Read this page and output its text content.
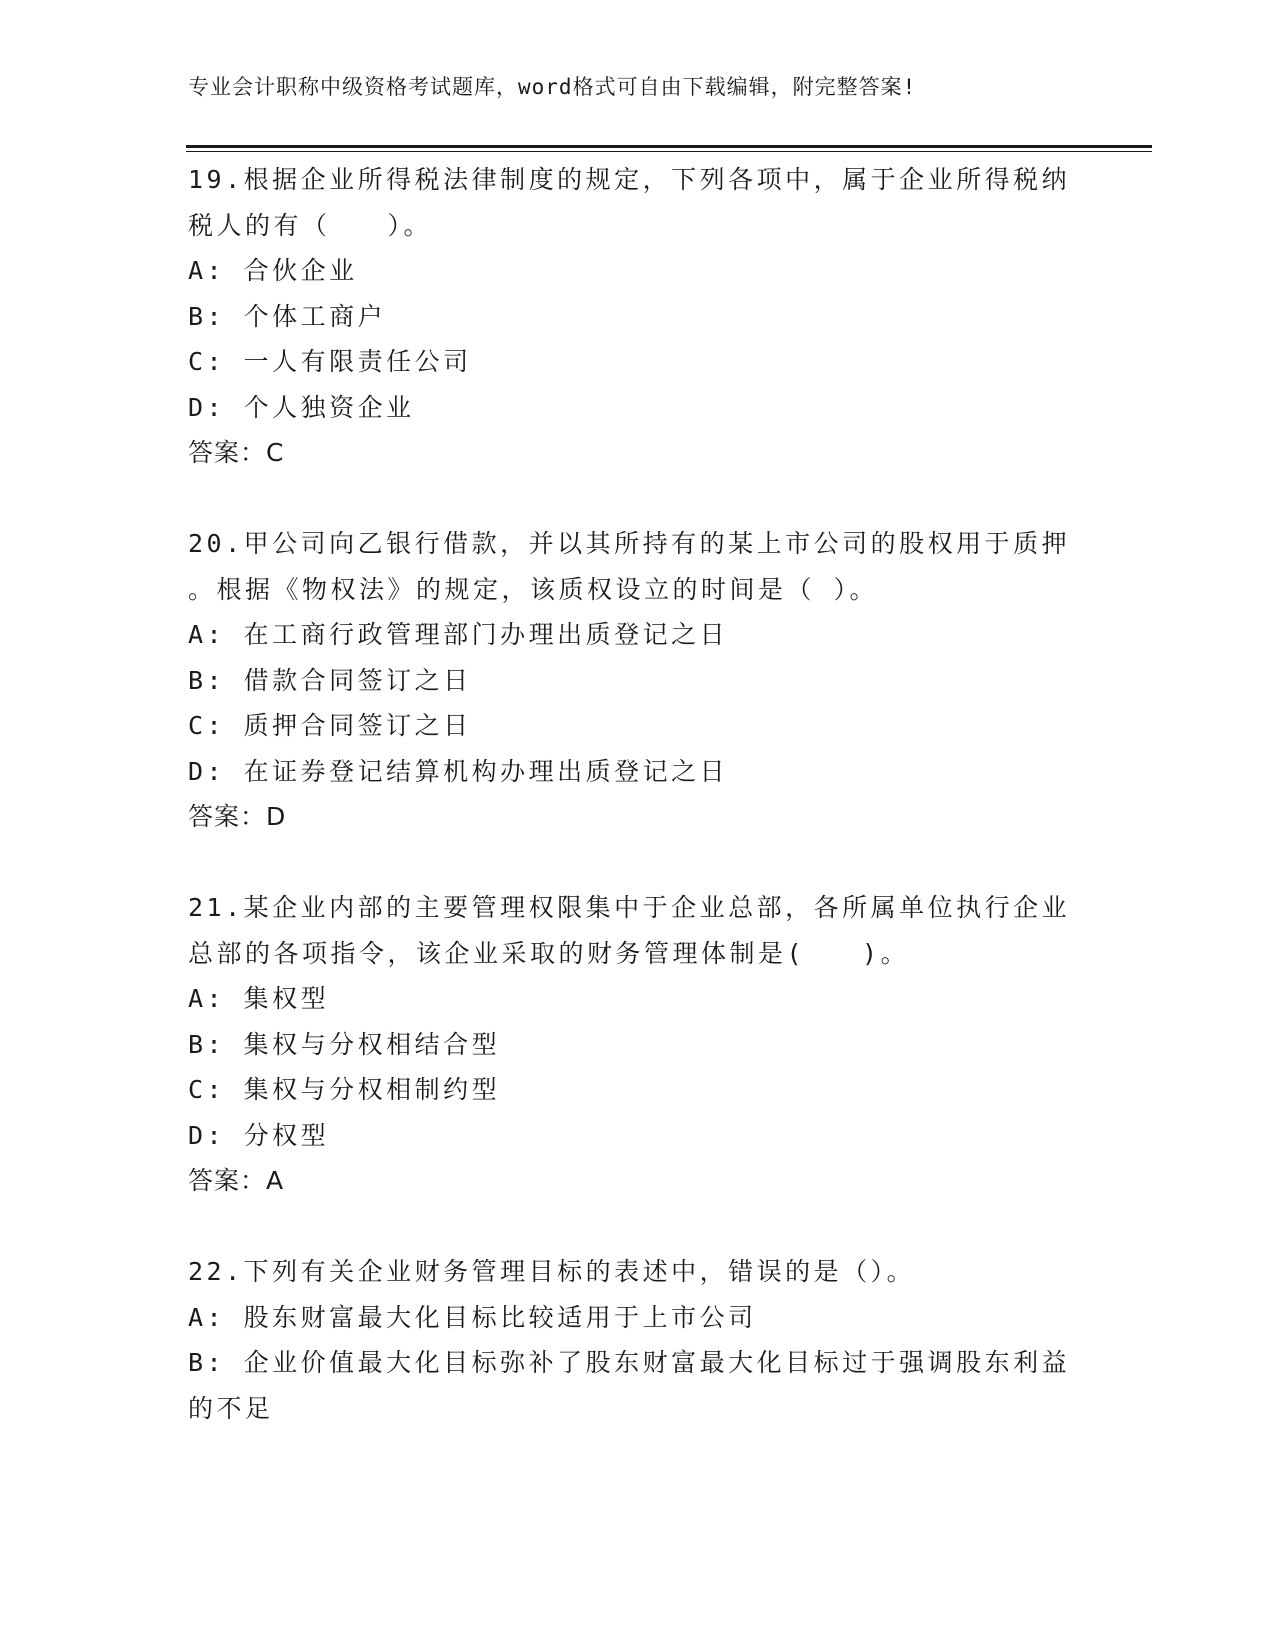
专业会计职称中级资格考试题库，word格式可自由下载编辑，附完整答案!
19.根据企业所得税法律制度的规定，下列各项中，属于企业所得税纳
税人的有（　　）。
A: 合伙企业
B: 个体工商户
C: 一人有限责任公司
D: 个人独资企业
答案：C
20.甲公司向乙银行借款，并以其所持有的某上市公司的股权用于质押
。根据《物权法》的规定，该质权设立的时间是（ ）。
A: 在工商行政管理部门办理出质登记之日
B: 借款合同签订之日
C: 质押合同签订之日
D: 在证券登记结算机构办理出质登记之日
答案：D
21.某企业内部的主要管理权限集中于企业总部，各所属单位执行企业
总部的各项指令，该企业采取的财务管理体制是(　　)。
A: 集权型
B: 集权与分权相结合型
C: 集权与分权相制约型
D: 分权型
答案：A
22.下列有关企业财务管理目标的表述中，错误的是（）。
A: 股东财富最大化目标比较适用于上市公司
B: 企业价值最大化目标弥补了股东财富最大化目标过于强调股东利益
的不足
